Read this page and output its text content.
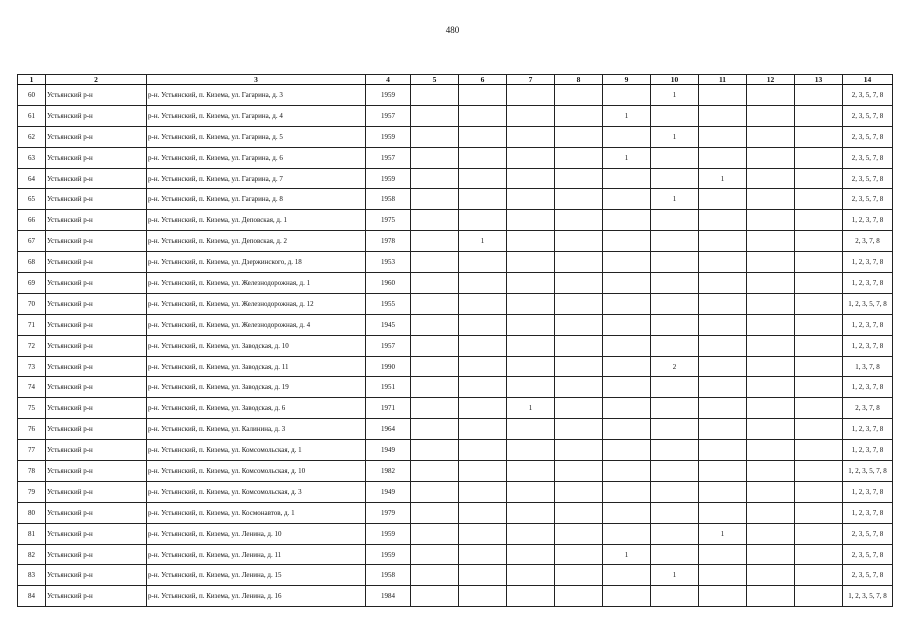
480
1	2	3	4	5	6	7	8	9	10	11	12	13	14
60	Устьянский р-н	р-н. Устьянский, п. Кизема, ул. Гагарина, д. 3	1959						1				2, 3, 5, 7, 8
61	Устьянский р-н	р-н. Устьянский, п. Кизема, ул. Гагарина, д. 4	1957					1					2, 3, 5, 7, 8
62	Устьянский р-н	р-н. Устьянский, п. Кизема, ул. Гагарина, д. 5	1959						1				2, 3, 5, 7, 8
63	Устьянский р-н	р-н. Устьянский, п. Кизема, ул. Гагарина, д. 6	1957					1					2, 3, 5, 7, 8
64	Устьянский р-н	р-н. Устьянский, п. Кизема, ул. Гагарина, д. 7	1959							1			2, 3, 5, 7, 8
65	Устьянский р-н	р-н. Устьянский, п. Кизема, ул. Гагарина, д. 8	1958						1				2, 3, 5, 7, 8
66	Устьянский р-н	р-н. Устьянский, п. Кизема, ул. Деповская, д. 1	1975										1, 2, 3, 7, 8
67	Устьянский р-н	р-н. Устьянский, п. Кизема, ул. Деповская, д. 2	1978		1								2, 3, 7, 8
68	Устьянский р-н	р-н. Устьянский, п. Кизема, ул. Дзержинского, д. 18	1953										1, 2, 3, 7, 8
69	Устьянский р-н	р-н. Устьянский, п. Кизема, ул. Железнодорожная, д. 1	1960										1, 2, 3, 7, 8
70	Устьянский р-н	р-н. Устьянский, п. Кизема, ул. Железнодорожная, д. 12	1955										1, 2, 3, 5, 7, 8
71	Устьянский р-н	р-н. Устьянский, п. Кизема, ул. Железнодорожная, д. 4	1945										1, 2, 3, 7, 8
72	Устьянский р-н	р-н. Устьянский, п. Кизема, ул. Заводская, д. 10	1957										1, 2, 3, 7, 8
73	Устьянский р-н	р-н. Устьянский, п. Кизема, ул. Заводская, д. 11	1990						2				1, 3, 7, 8
74	Устьянский р-н	р-н. Устьянский, п. Кизема, ул. Заводская, д. 19	1951										1, 2, 3, 7, 8
75	Устьянский р-н	р-н. Устьянский, п. Кизема, ул. Заводская, д. 6	1971			1							2, 3, 7, 8
76	Устьянский р-н	р-н. Устьянский, п. Кизема, ул. Калинина, д. 3	1964										1, 2, 3, 7, 8
77	Устьянский р-н	р-н. Устьянский, п. Кизема, ул. Комсомольская, д. 1	1949										1, 2, 3, 7, 8
78	Устьянский р-н	р-н. Устьянский, п. Кизема, ул. Комсомольская, д. 10	1982										1, 2, 3, 5, 7, 8
79	Устьянский р-н	р-н. Устьянский, п. Кизема, ул. Комсомольская, д. 3	1949										1, 2, 3, 7, 8
80	Устьянский р-н	р-н. Устьянский, п. Кизема, ул. Космонавтов, д. 1	1979										1, 2, 3, 7, 8
81	Устьянский р-н	р-н. Устьянский, п. Кизема, ул. Ленина, д. 10	1959							1			2, 3, 5, 7, 8
82	Устьянский р-н	р-н. Устьянский, п. Кизема, ул. Ленина, д. 11	1959					1					2, 3, 5, 7, 8
83	Устьянский р-н	р-н. Устьянский, п. Кизема, ул. Ленина, д. 15	1958						1				2, 3, 5, 7, 8
84	Устьянский р-н	р-н. Устьянский, п. Кизема, ул. Ленина, д. 16	1984										1, 2, 3, 5, 7, 8
